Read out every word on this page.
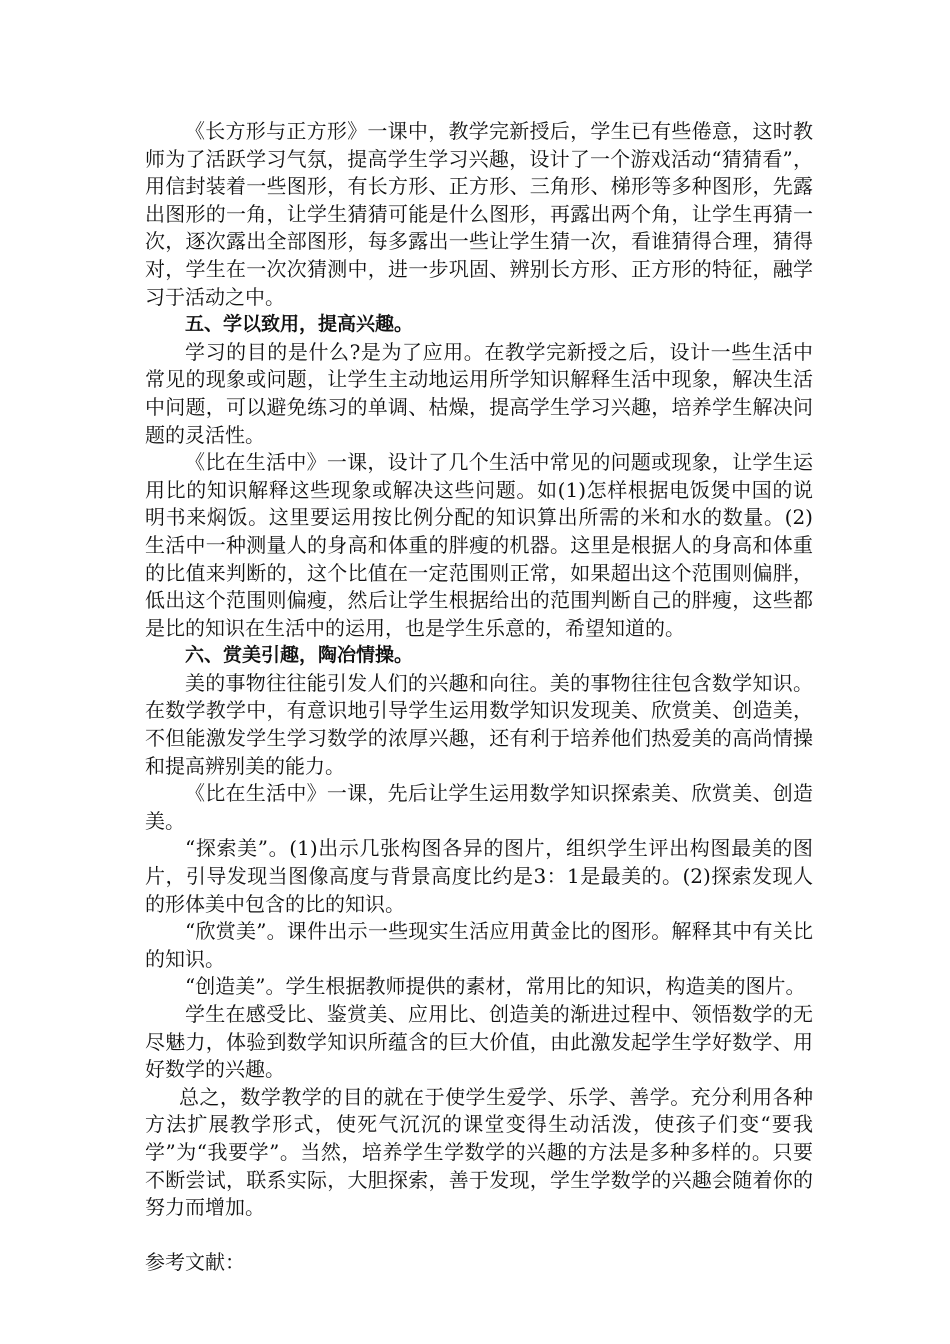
《长方形与正方形》一课中，教学完新授后，学生已有些倦意，这时教师为了活跃学习气氛，提高学生学习兴趣，设计了一个游戏活动“猜猜看”，用信封装着一些图形，有长方形、正方形、三角形、梯形等多种图形，先露出图形的一角，让学生猜猜可能是什么图形，再露出两个角，让学生再猜一次，逐次露出全部图形，每多露出一些让学生猜一次，看谁猜得合理，猜得对，学生在一次次猜测中，进一步巩固、辨别长方形、正方形的特征，融学习于活动之中。

五、学以致用，提高兴趣。

学习的目的是什么?是为了应用。在教学完新授之后，设计一些生活中常见的现象或问题，让学生主动地运用所学知识解释生活中现象，解决生活中问题，可以避免练习的单调、枯燥，提高学生学习兴趣，培养学生解决问题的灵活性。

《比在生活中》一课，设计了几个生活中常见的问题或现象，让学生运用比的知识解释这些现象或解决这些问题。如(1)怎样根据电饭煲中国的说明书来焖饭。这里要运用按比例分配的知识算出所需的米和水的数量。(2)生活中一种测量人的身高和体重的胖瘦的机器。这里是根据人的身高和体重的比值来判断的，这个比值在一定范围则正常，如果超出这个范围则偏胖，低出这个范围则偏瘦，然后让学生根据给出的范围判断自己的胖瘦，这些都是比的知识在生活中的运用，也是学生乐意的，希望知道的。

六、赏美引趣，陶冶情操。

美的事物往往能引发人们的兴趣和向往。美的事物往往包含数学知识。在数学教学中，有意识地引导学生运用数学知识发现美、欣赏美、创造美，不但能激发学生学习数学的浓厚兴趣，还有利于培养他们热爱美的高尚情操和提高辨别美的能力。

《比在生活中》一课，先后让学生运用数学知识探索美、欣赏美、创造美。

“探索美”。(1)出示几张构图各异的图片，组织学生评出构图最美的图片，引导发现当图像高度与背景高度比约是3：1是最美的。(2)探索发现人的形体美中包含的比的知识。

“欣赏美”。课件出示一些现实生活应用黄金比的图形。解释其中有关比的知识。

“创造美”。学生根据教师提供的素材，常用比的知识，构造美的图片。

学生在感受比、鉴赏美、应用比、创造美的渐进过程中、领悟数学的无尽魅力，体验到数学知识所蕴含的巨大价值，由此激发起学生学好数学、用好数学的兴趣。

总之，数学教学的目的就在于使学生爱学、乐学、善学。充分利用各种方法扩展教学形式，使死气沉沉的课堂变得生动活泼，使孩子们变“要我学”为“我要学”。当然，培养学生学数学的兴趣的方法是多种多样的。只要不断尝试，联系实际，大胆探索，善于发现，学生学数学的兴趣会随着你的努力而增加。

参考文献：
